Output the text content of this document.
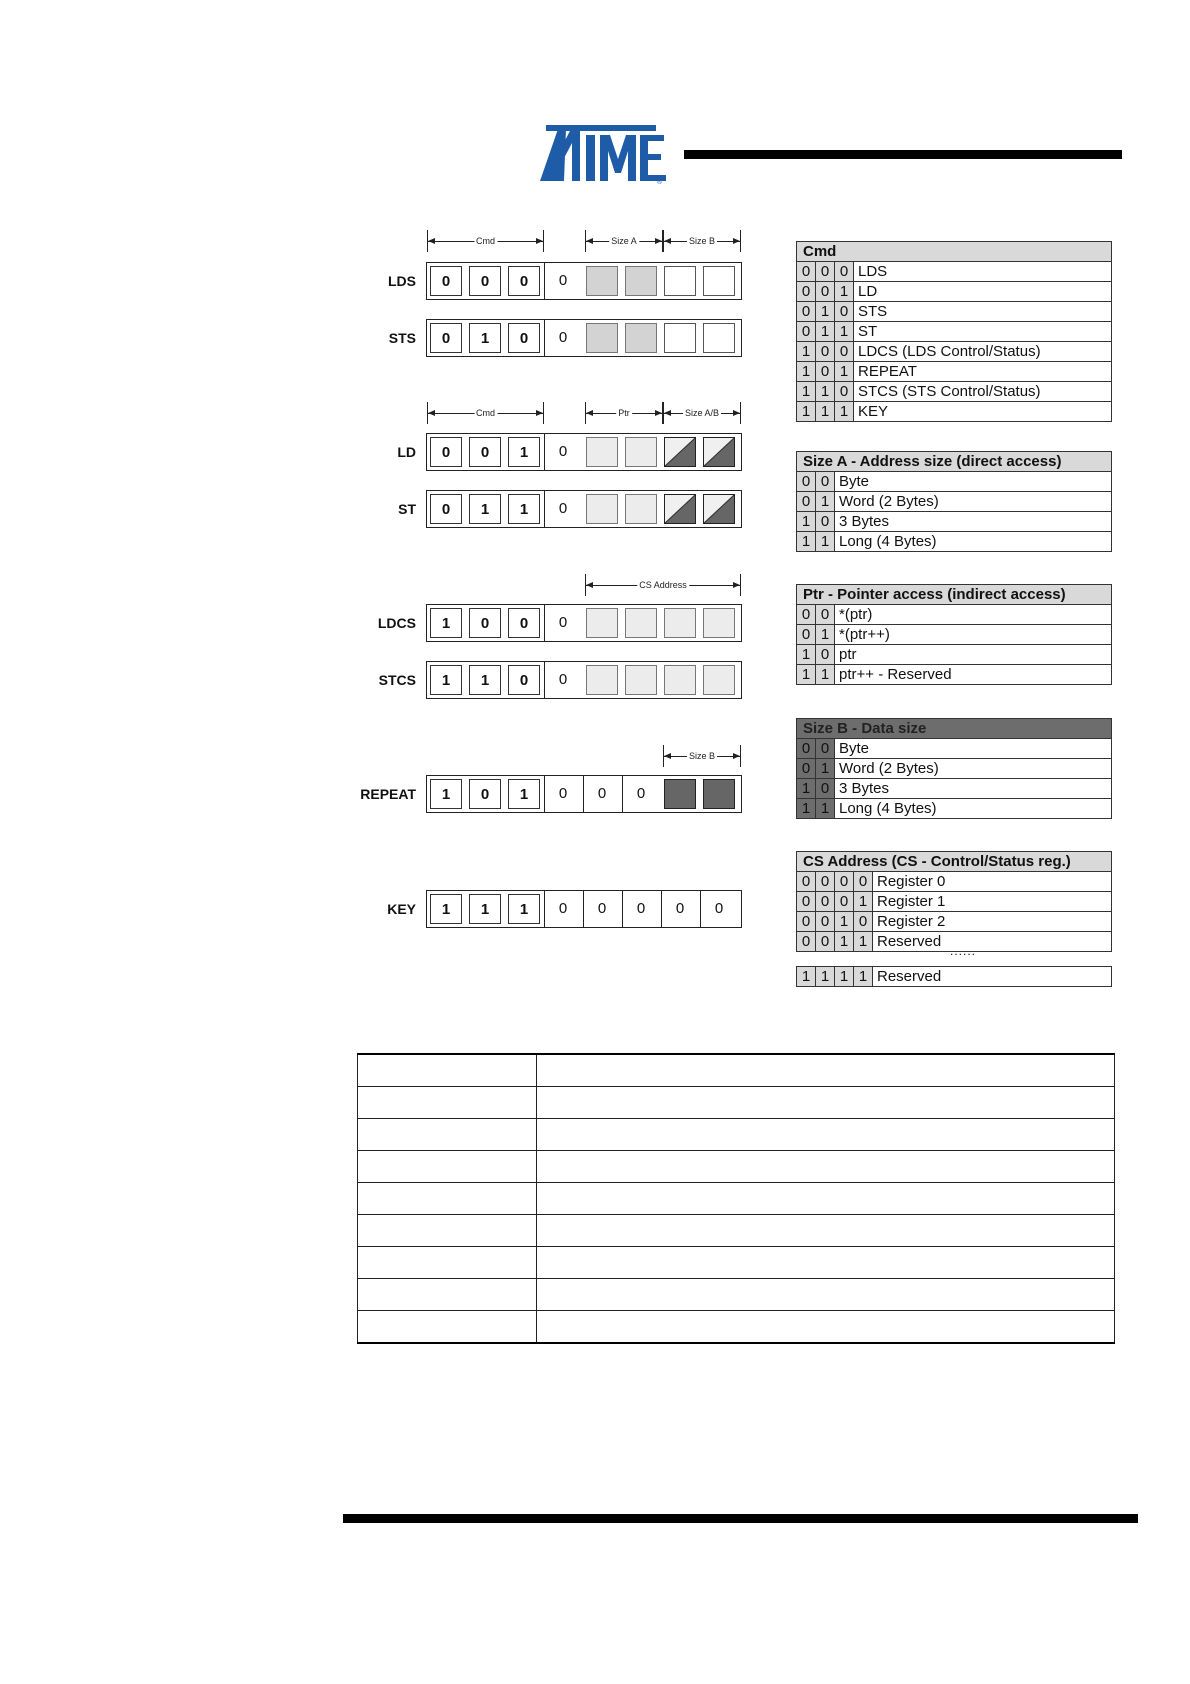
®
Cmd	Size A	Size B
Cmd	Ptr	Size A/B
CS Address
Size B
LDS	0	0	0	0
STS	0	1	0	0
LD	0	0	1	0
ST	0	1	1	0
LDCS	1	0	0	0
STCS	1	1	0	0
REPEAT	1	0	1	0	0	0
KEY	1	1	1	0	0	0	0	0
Cmd
0 0 0 LDS
0 0 1 LD
0 1 0 STS
0 1 1 ST
1 0 0 LDCS (LDS Control/Status)
1 0 1 REPEAT
1 1 0 STCS (STS Control/Status)
1 1 1 KEY
Size A - Address size (direct access)
0 0 Byte
0 1 Word (2 Bytes)
1 0 3 Bytes
1 1 Long (4 Bytes)
Ptr - Pointer access (indirect access)
0 0 *(ptr)
0 1 *(ptr++)
1 0 ptr
1 1 ptr++ - Reserved
Size B - Data size
0 0 Byte
0 1 Word (2 Bytes)
1 0 3 Bytes
1 1 Long (4 Bytes)
CS Address (CS - Control/Status reg.)
0 0 0 0 Register 0
0 0 0 1 Register 1
0 0 1 0 Register 2
0 0 1 1 Reserved
......
1 1 1 1 Reserved
